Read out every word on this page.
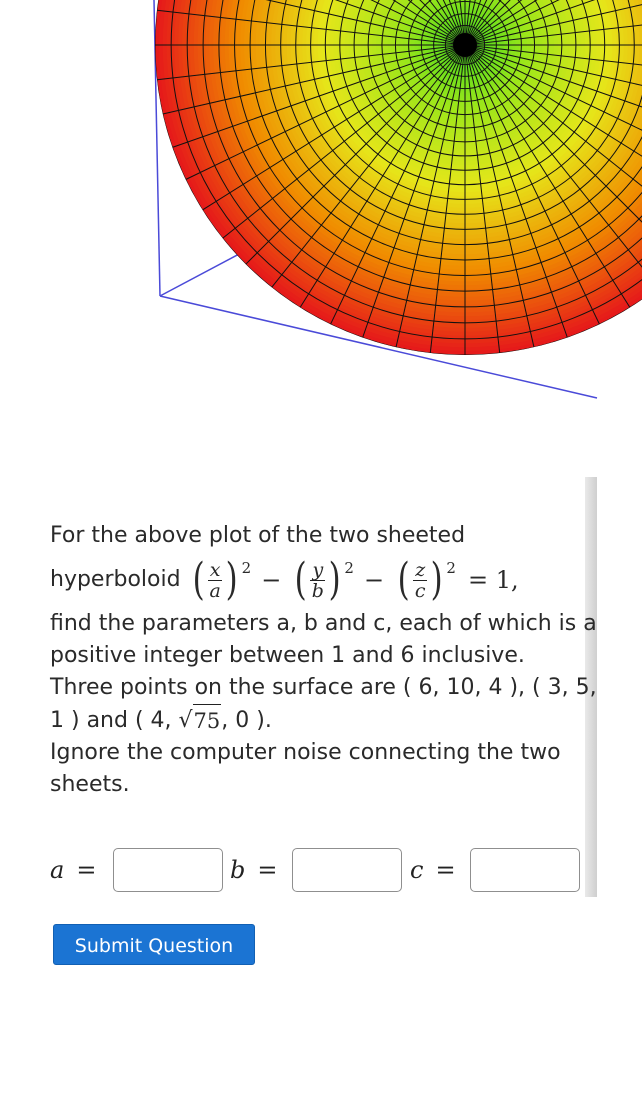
For the above plot of the two sheeted

hyperboloid ( $\frac{x}{a}$ ) 2 − ( $\frac{y}{b}$ ) 2 − ( $\frac{z}{c}$ ) 2 = 1,

find the parameters a, b and c, each of which is a positive integer between 1 and 6 inclusive.

Three points on the surface are ( 6, 10, 4 ), ( 3, 5, 1 ) and ( 4, √ 75 , 0 ).

Ignore the computer noise connecting the two sheets.

a =	b =	c =
Submit Question
